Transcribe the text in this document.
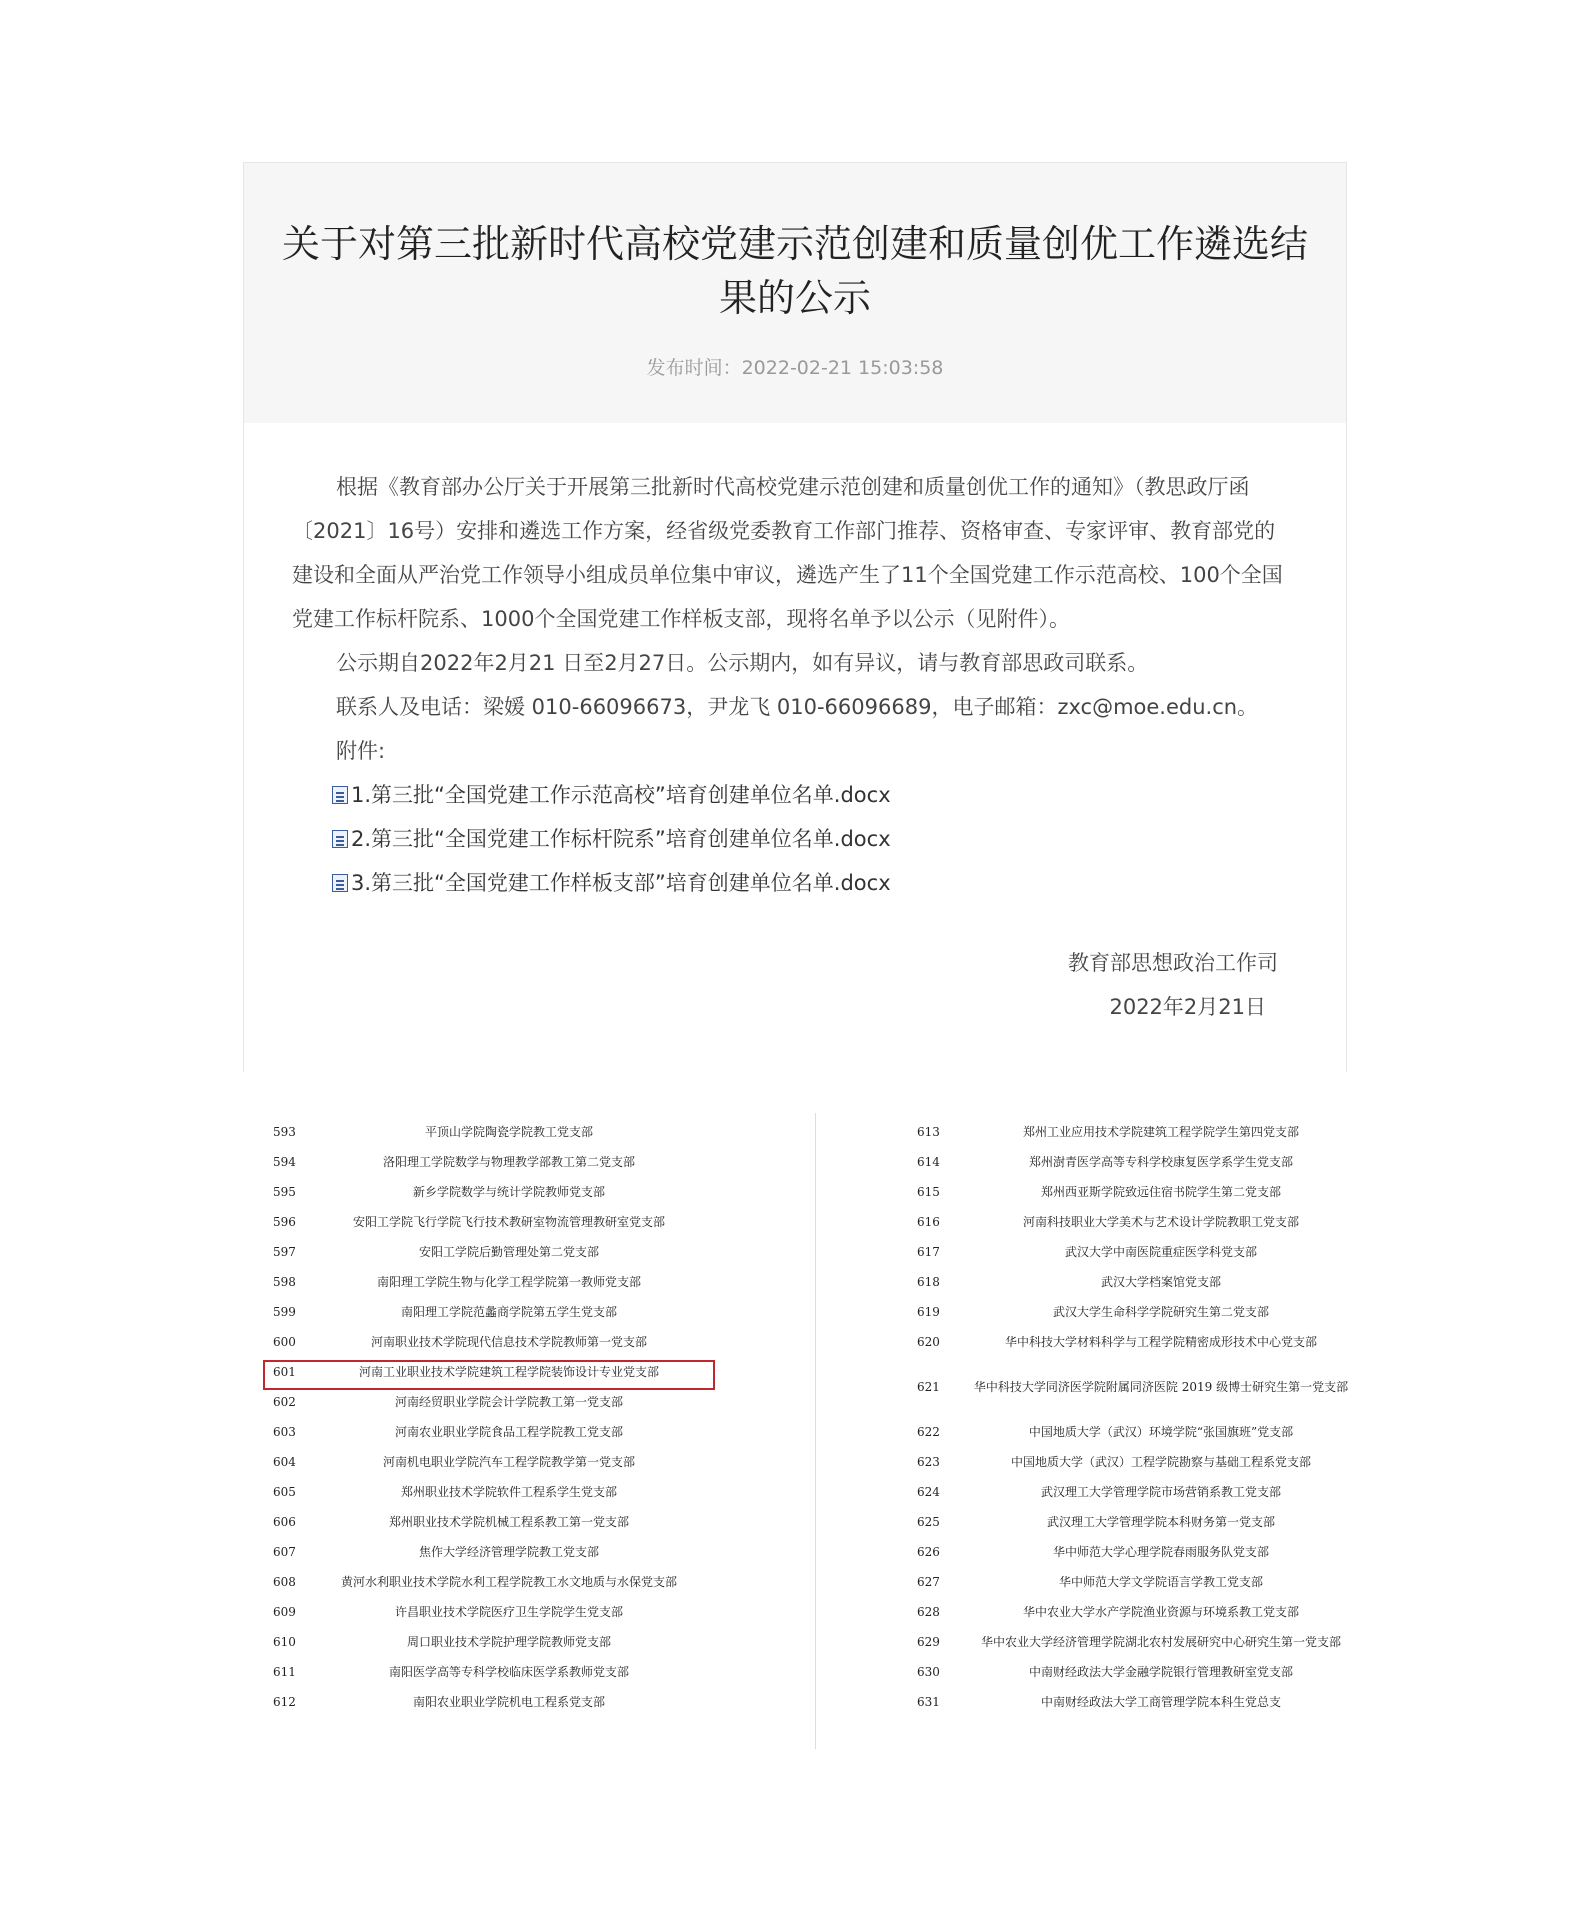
关于对第三批新时代高校党建示范创建和质量创优工作遴选结果的公示
发布时间：2022-02-21 15:03:58

根据《教育部办公厅关于开展第三批新时代高校党建示范创建和质量创优工作的通知》（教思政厅函〔2021〕16号）安排和遴选工作方案，经省级党委教育工作部门推荐、资格审查、专家评审、教育部党的建设和全面从严治党工作领导小组成员单位集中审议，遴选产生了11个全国党建工作示范高校、100个全国党建工作标杆院系、1000个全国党建工作样板支部，现将名单予以公示（见附件）。

公示期自2022年2月21 日至2月27日。公示期内，如有异议，请与教育部思政司联系。

联系人及电话：梁媛 010-66096673，尹龙飞 010-66096689，电子邮箱：zxc@moe.edu.cn。

附件:

1.第三批“全国党建工作示范高校”培育创建单位名单.docx
2.第三批“全国党建工作标杆院系”培育创建单位名单.docx
3.第三批“全国党建工作样板支部”培育创建单位名单.docx
教育部思想政治工作司
2022年2月21日
593	平顶山学院陶瓷学院教工党支部
594	洛阳理工学院数学与物理教学部教工第二党支部
595	新乡学院数学与统计学院教师党支部
596	安阳工学院飞行学院飞行技术教研室物流管理教研室党支部
597	安阳工学院后勤管理处第二党支部
598	南阳理工学院生物与化学工程学院第一教师党支部
599	南阳理工学院范蠡商学院第五学生党支部
600	河南职业技术学院现代信息技术学院教师第一党支部
601	河南工业职业技术学院建筑工程学院装饰设计专业党支部
602	河南经贸职业学院会计学院教工第一党支部
603	河南农业职业学院食品工程学院教工党支部
604	河南机电职业学院汽车工程学院教学第一党支部
605	郑州职业技术学院软件工程系学生党支部
606	郑州职业技术学院机械工程系教工第一党支部
607	焦作大学经济管理学院教工党支部
608	黄河水利职业技术学院水利工程学院教工水文地质与水保党支部
609	许昌职业技术学院医疗卫生学院学生党支部
610	周口职业技术学院护理学院教师党支部
611	南阳医学高等专科学校临床医学系教师党支部
612	南阳农业职业学院机电工程系党支部
613	郑州工业应用技术学院建筑工程学院学生第四党支部
614	郑州澍青医学高等专科学校康复医学系学生党支部
615	郑州西亚斯学院致远住宿书院学生第二党支部
616	河南科技职业大学美术与艺术设计学院教职工党支部
617	武汉大学中南医院重症医学科党支部
618	武汉大学档案馆党支部
619	武汉大学生命科学学院研究生第二党支部
620	华中科技大学材料科学与工程学院精密成形技术中心党支部
621	华中科技大学同济医学院附属同济医院 2019 级博士研究生第一党支部
622	中国地质大学（武汉）环境学院“张国旗班”党支部
623	中国地质大学（武汉）工程学院勘察与基础工程系党支部
624	武汉理工大学管理学院市场营销系教工党支部
625	武汉理工大学管理学院本科财务第一党支部
626	华中师范大学心理学院春雨服务队党支部
627	华中师范大学文学院语言学教工党支部
628	华中农业大学水产学院渔业资源与环境系教工党支部
629	华中农业大学经济管理学院湖北农村发展研究中心研究生第一党支部
630	中南财经政法大学金融学院银行管理教研室党支部
631	中南财经政法大学工商管理学院本科生党总支
